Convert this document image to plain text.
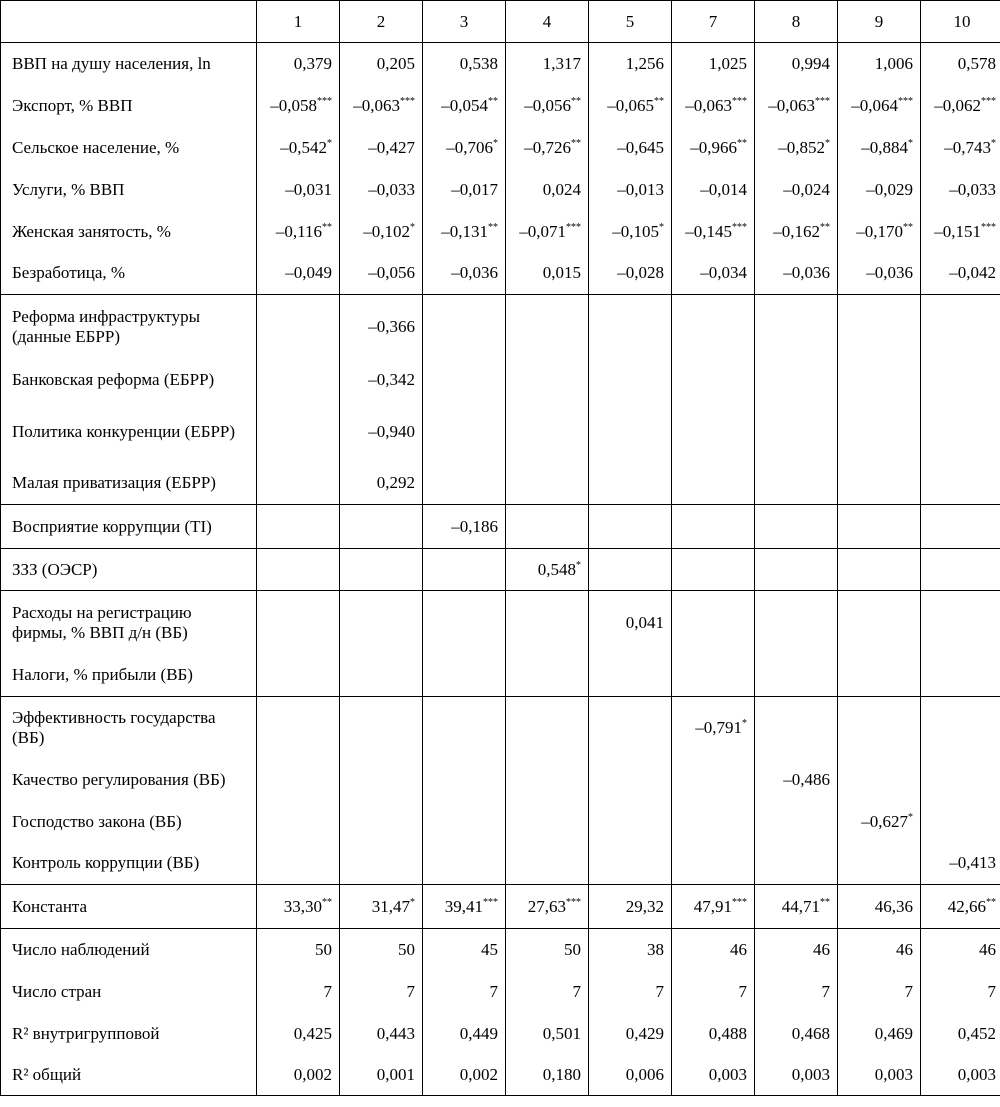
	1	2	3	4	5	7	8	9	10
ВВП на душу населения, ln	0,379	0,205	0,538	1,317	1,256	1,025	0,994	1,006	0,578
Экспорт, % ВВП	–0,058***	–0,063***	–0,054**	–0,056**	–0,065**	–0,063***	–0,063***	–0,064***	–0,062***
Сельское население, %	–0,542*	–0,427	–0,706*	–0,726**	–0,645	–0,966**	–0,852*	–0,884*	–0,743*
Услуги, % ВВП	–0,031	–0,033	–0,017	0,024	–0,013	–0,014	–0,024	–0,029	–0,033
Женская занятость, %	–0,116**	–0,102*	–0,131**	–0,071***	–0,105*	–0,145***	–0,162**	–0,170**	–0,151***
Безработица, %	–0,049	–0,056	–0,036	0,015	–0,028	–0,034	–0,036	–0,036	–0,042
Реформа инфраструктуры (данные ЕБРР)		–0,366							
Банковская реформа (ЕБРР)		–0,342							
Политика конкуренции (ЕБРР)		–0,940							
Малая приватизация (ЕБРР)		0,292							
Восприятие коррупции (TI)			–0,186						
ЗЗЗ (ОЭСР)				0,548*					
Расходы на регистрацию фирмы, % ВВП д/н (ВБ)					0,041				
Налоги, % прибыли (ВБ)									
Эффективность государства (ВБ)						–0,791*			
Качество регулирования (ВБ)							–0,486		
Господство закона (ВБ)								–0,627*	
Контроль коррупции (ВБ)									–0,413
Константа	33,30**	31,47*	39,41***	27,63***	29,32	47,91***	44,71**	46,36	42,66**
Число наблюдений	50	50	45	50	38	46	46	46	46
Число стран	7	7	7	7	7	7	7	7	7
R² внутригрупповой	0,425	0,443	0,449	0,501	0,429	0,488	0,468	0,469	0,452
R² общий	0,002	0,001	0,002	0,180	0,006	0,003	0,003	0,003	0,003
